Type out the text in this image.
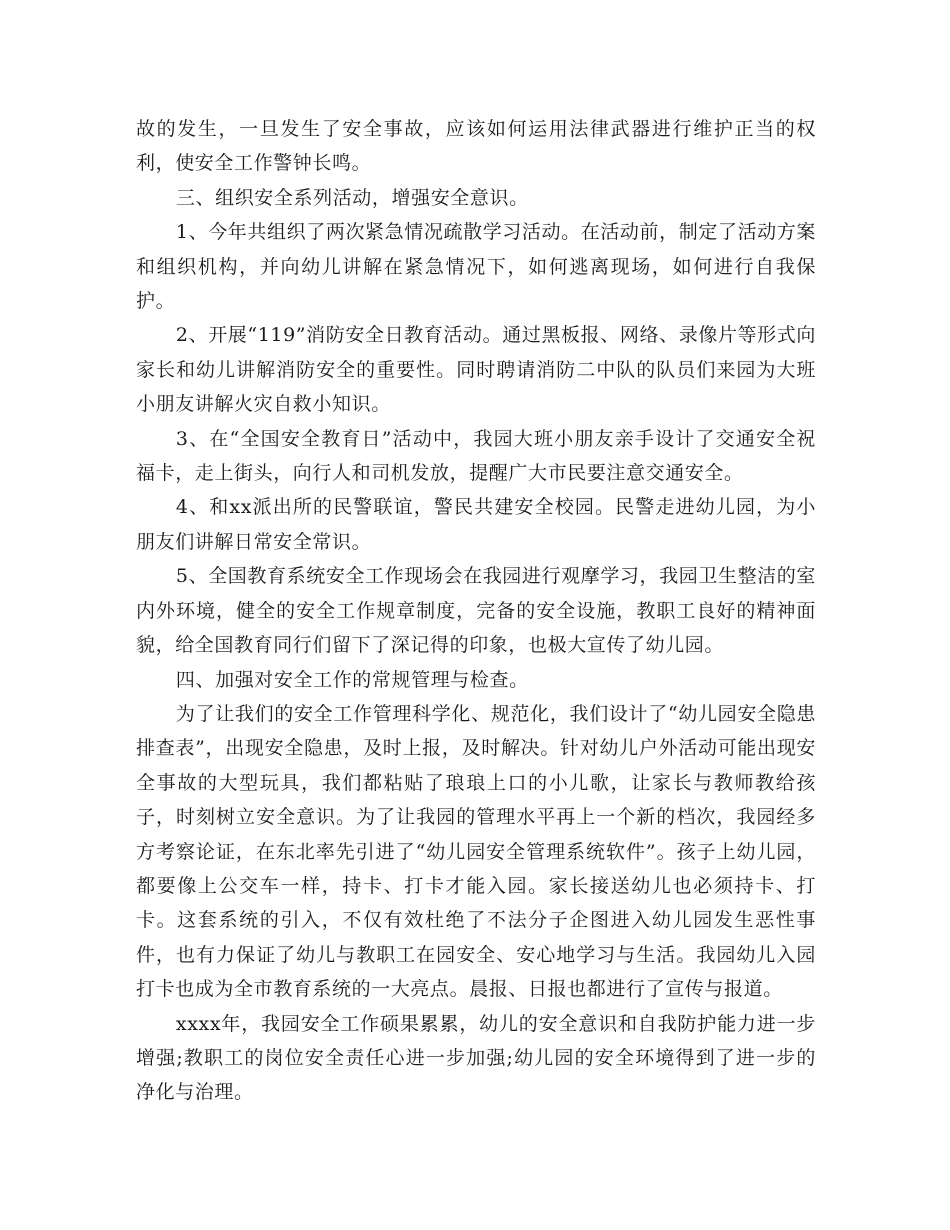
故的发生，一旦发生了安全事故，应该如何运用法律武器进行维护正当的权利，使安全工作警钟长鸣。

三、组织安全系列活动，增强安全意识。

1、今年共组织了两次紧急情况疏散学习活动。在活动前，制定了活动方案和组织机构，并向幼儿讲解在紧急情况下，如何逃离现场，如何进行自我保护。

2、开展“119”消防安全日教育活动。通过黑板报、网络、录像片等形式向家长和幼儿讲解消防安全的重要性。同时聘请消防二中队的队员们来园为大班小朋友讲解火灾自救小知识。

3、在“全国安全教育日”活动中，我园大班小朋友亲手设计了交通安全祝福卡，走上街头，向行人和司机发放，提醒广大市民要注意交通安全。

4、和xx派出所的民警联谊，警民共建安全校园。民警走进幼儿园，为小朋友们讲解日常安全常识。

5、全国教育系统安全工作现场会在我园进行观摩学习，我园卫生整洁的室内外环境，健全的安全工作规章制度，完备的安全设施，教职工良好的精神面貌，给全国教育同行们留下了深记得的印象，也极大宣传了幼儿园。

四、加强对安全工作的常规管理与检查。

为了让我们的安全工作管理科学化、规范化，我们设计了“幼儿园安全隐患排查表”，出现安全隐患，及时上报，及时解决。针对幼儿户外活动可能出现安全事故的大型玩具，我们都粘贴了琅琅上口的小儿歌，让家长与教师教给孩子，时刻树立安全意识。为了让我园的管理水平再上一个新的档次，我园经多方考察论证，在东北率先引进了“幼儿园安全管理系统软件”。孩子上幼儿园，都要像上公交车一样，持卡、打卡才能入园。家长接送幼儿也必须持卡、打卡。这套系统的引入，不仅有效杜绝了不法分子企图进入幼儿园发生恶性事件，也有力保证了幼儿与教职工在园安全、安心地学习与生活。我园幼儿入园打卡也成为全市教育系统的一大亮点。晨报、日报也都进行了宣传与报道。

xxxx年，我园安全工作硕果累累，幼儿的安全意识和自我防护能力进一步增强;教职工的岗位安全责任心进一步加强;幼儿园的安全环境得到了进一步的净化与治理。
